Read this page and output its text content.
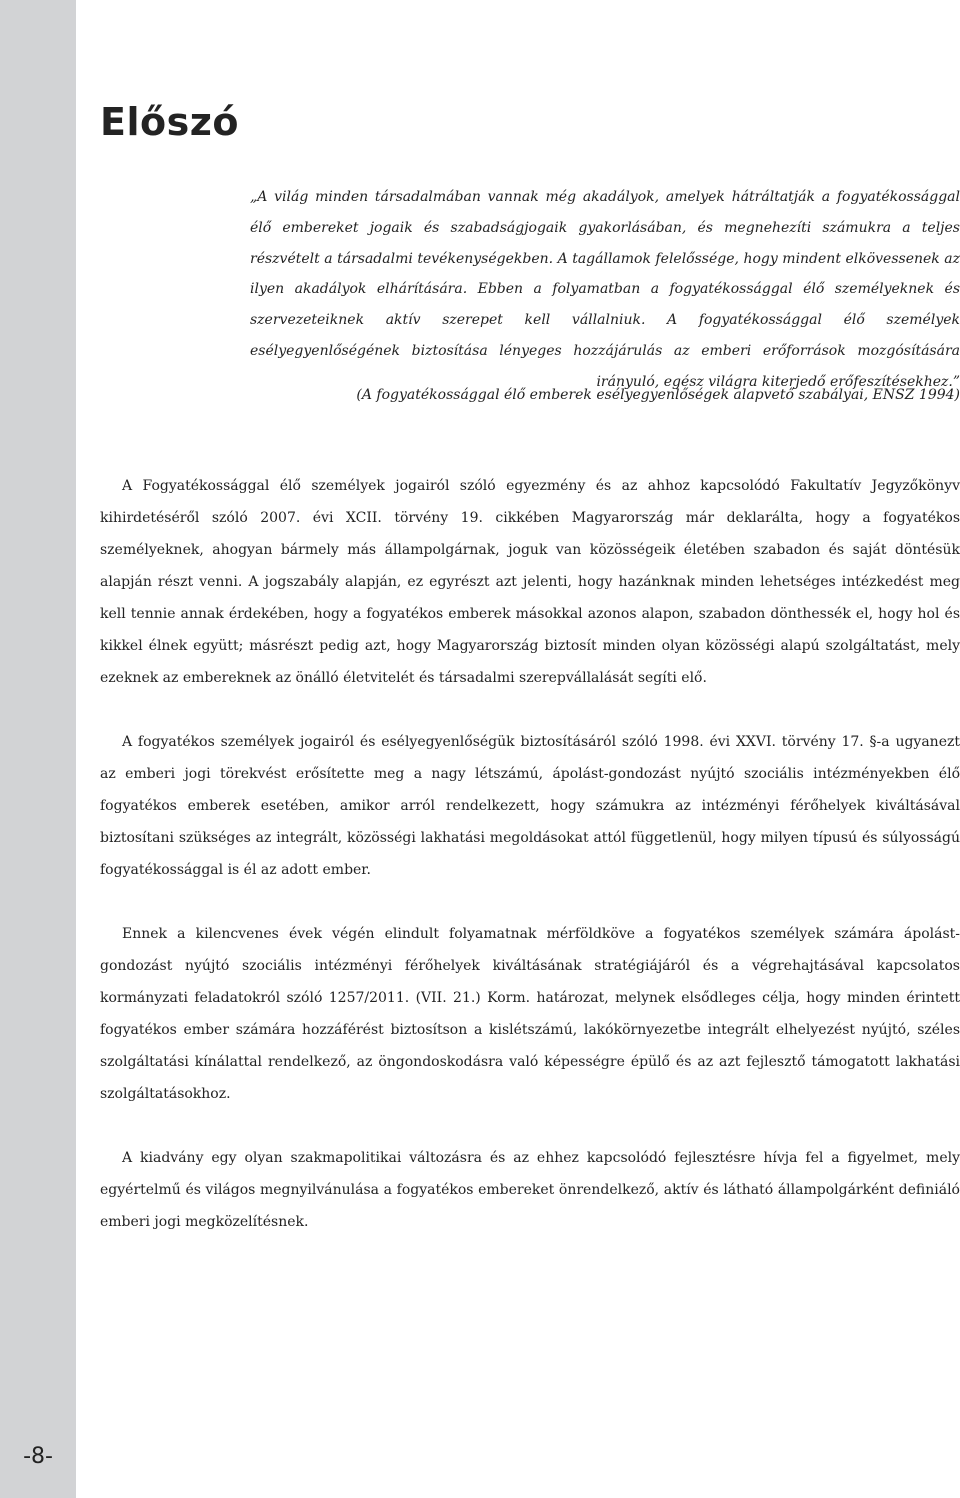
-8-
Előszó

„A világ minden társadalmában vannak még akadályok, amelyek hátráltatják a fogyatékossággal élő embereket jogaik és szabadságjogaik gyakorlásában, és megnehezíti számukra a teljes részvételt a társadalmi tevékenységekben. A tagállamok felelőssége, hogy mindent elkövessenek az ilyen akadályok elhárítására. Ebben a folyamatban a fogyatékossággal élő személyeknek és szervezeteiknek aktív szerepet kell vállalniuk. A fogyatékossággal élő személyek esélyegyenlőségének biztosítása lényeges hozzájárulás az emberi erőforrások mozgósítására irányuló, egész világra kiterjedő erőfeszítésekhez.”

(A fogyatékossággal élő emberek esélyegyenlőségek alapvető szabályai, ENSZ 1994)

A Fogyatékossággal élő személyek jogairól szóló egyezmény és az ahhoz kapcsolódó Fakultatív Jegyzőkönyv kihirdetéséről szóló 2007. évi XCII. törvény 19. cikkében Magyarország már deklarálta, hogy a fogyatékos személyeknek, ahogyan bármely más állampolgárnak, joguk van közösségeik életében szabadon és saját döntésük alapján részt venni. A jogszabály alapján, ez egyrészt azt jelenti, hogy hazánknak minden lehetséges intézkedést meg kell tennie annak érdekében, hogy a fogyatékos emberek másokkal azonos alapon, szabadon dönthessék el, hogy hol és kikkel élnek együtt; másrészt pedig azt, hogy Magyarország biztosít minden olyan közösségi alapú szolgáltatást, mely ezeknek az embereknek az önálló életvitelét és társadalmi szerepvállalását segíti elő.

A fogyatékos személyek jogairól és esélyegyenlőségük biztosításáról szóló 1998. évi XXVI. törvény 17. §-a ugyanezt az emberi jogi törekvést erősítette meg a nagy létszámú, ápolást-gondozást nyújtó szociális intézményekben élő fogyatékos emberek esetében, amikor arról rendelkezett, hogy számukra az intézményi férőhelyek kiváltásával biztosítani szükséges az integrált, közösségi lakhatási megoldásokat attól függetlenül, hogy milyen típusú és súlyosságú fogyatékossággal is él az adott ember.

Ennek a kilencvenes évek végén elindult folyamatnak mérföldköve a fogyatékos személyek számára ápolást-gondozást nyújtó szociális intézményi férőhelyek kiváltásának stratégiájáról és a végrehajtásával kapcsolatos kormányzati feladatokról szóló 1257/2011. (VII. 21.) Korm. határozat, melynek elsődleges célja, hogy minden érintett fogyatékos ember számára hozzáférést biztosítson a kislétszámú, lakókörnyezetbe integrált elhelyezést nyújtó, széles szolgáltatási kínálattal rendelkező, az öngondoskodásra való képességre épülő és az azt fejlesztő támogatott lakhatási szolgáltatásokhoz.

A kiadvány egy olyan szakmapolitikai változásra és az ehhez kapcsolódó fejlesztésre hívja fel a figyelmet, mely egyértelmű és világos megnyilvánulása a fogyatékos embereket önrendelkező, aktív és látható állampolgárként definiáló emberi jogi megközelítésnek.
